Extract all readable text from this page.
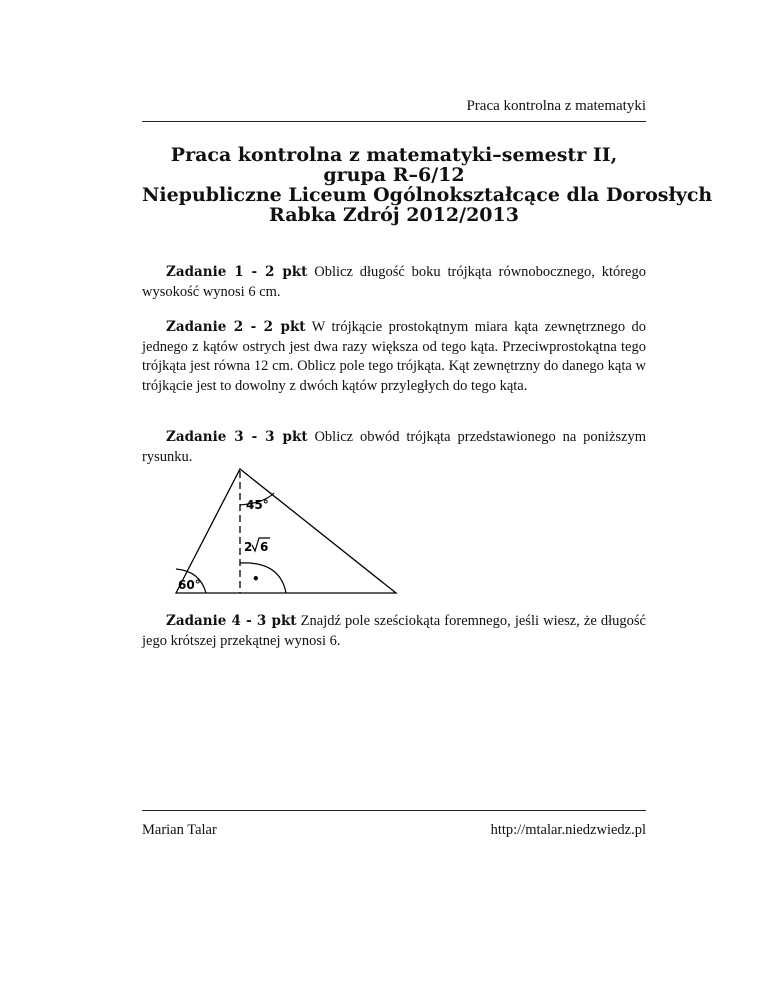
Praca kontrolna z matematyki
Praca kontrolna z matematyki–semestr II,
grupa R–6/12
Niepubliczne Liceum Ogólnokształcące dla Dorosłych
Rabka Zdrój 2012/2013
Zadanie 1 - 2 pkt Oblicz długość boku trójkąta równobocznego, którego wysokość wynosi 6 cm.
Zadanie 2 - 2 pkt W trójkącie prostokątnym miara kąta zewnętrznego do jednego z kątów ostrych jest dwa razy większa od tego kąta. Przeciwprostokątna tego trójkąta jest równa 12 cm. Oblicz pole tego trójkąta. Kąt zewnętrzny do danego kąta w trójkącie jest to dowolny z dwóch kątów przyległych do tego kąta.
Zadanie 3 - 3 pkt Oblicz obwód trójkąta przedstawionego na poniższym rysunku.
45°
2 6
•
60°
Zadanie 4 - 3 pkt Znajdź pole sześciokąta foremnego, jeśli wiesz, że długość jego krótszej przekątnej wynosi 6.
Marian Talar	http://mtalar.niedzwiedz.pl
